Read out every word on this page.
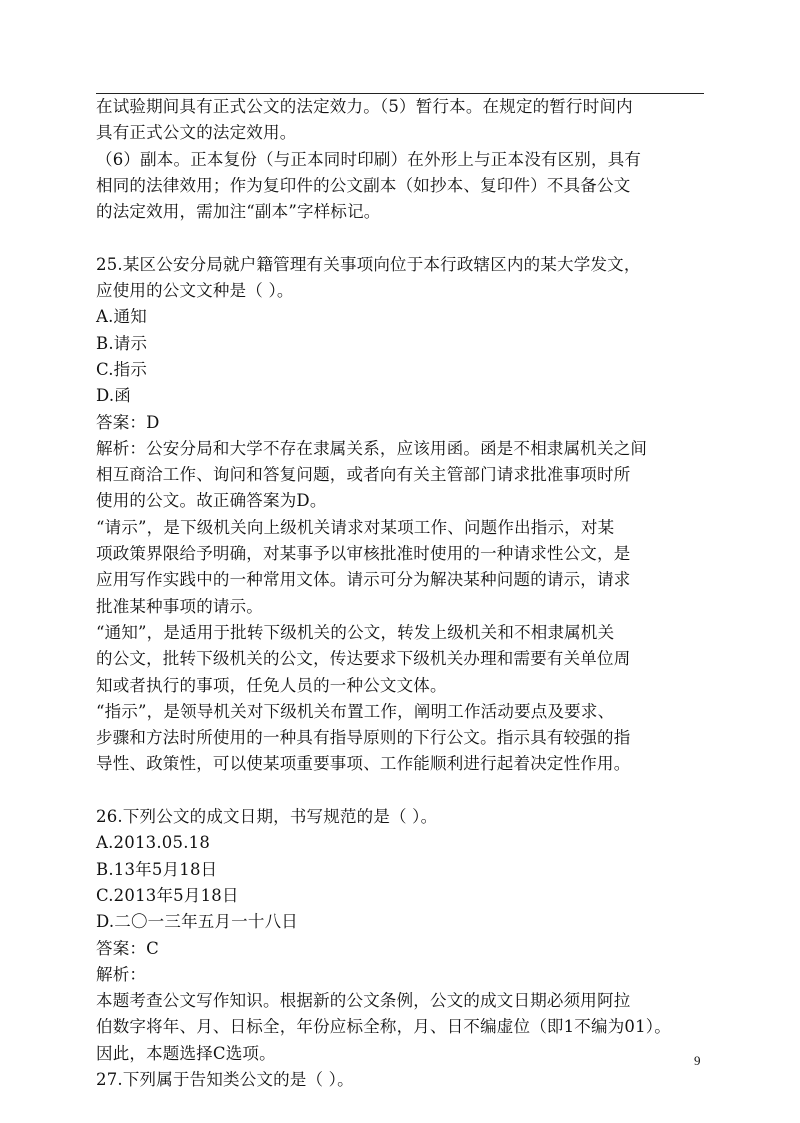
在试验期间具有正式公文的法定效力。（5）暂行本。在规定的暂行时间内
具有正式公文的法定效用。
（6）副本。正本复份（与正本同时印刷）在外形上与正本没有区别，具有
相同的法律效用；作为复印件的公文副本（如抄本、复印件）不具备公文
的法定效用，需加注“副本”字样标记。
25.某区公安分局就户籍管理有关事项向位于本行政辖区内的某大学发文，
应使用的公文文种是（ ）。
A.通知
B.请示
C.指示
D.函
答案：D
解析：公安分局和大学不存在隶属关系，应该用函。函是不相隶属机关之间
相互商洽工作、询问和答复问题，或者向有关主管部门请求批准事项时所
使用的公文。故正确答案为D。
“请示”，是下级机关向上级机关请求对某项工作、问题作出指示，对某
项政策界限给予明确，对某事予以审核批准时使用的一种请求性公文，是
应用写作实践中的一种常用文体。请示可分为解决某种问题的请示，请求
批准某种事项的请示。
“通知”，是适用于批转下级机关的公文，转发上级机关和不相隶属机关
的公文，批转下级机关的公文，传达要求下级机关办理和需要有关单位周
知或者执行的事项，任免人员的一种公文文体。
“指示”，是领导机关对下级机关布置工作，阐明工作活动要点及要求、
步骤和方法时所使用的一种具有指导原则的下行公文。指示具有较强的指
导性、政策性，可以使某项重要事项、工作能顺利进行起着决定性作用。
26.下列公文的成文日期，书写规范的是（ ）。
A.2013.05.18
B.13年5月18日
C.2013年5月18日
D.二〇一三年五月一十八日
答案：C
解析：
本题考查公文写作知识。根据新的公文条例，公文的成文日期必须用阿拉
伯数字将年、月、日标全，年份应标全称，月、日不编虚位（即1不编为01）。
因此，本题选择C选项。
27.下列属于告知类公文的是（ ）。
9
